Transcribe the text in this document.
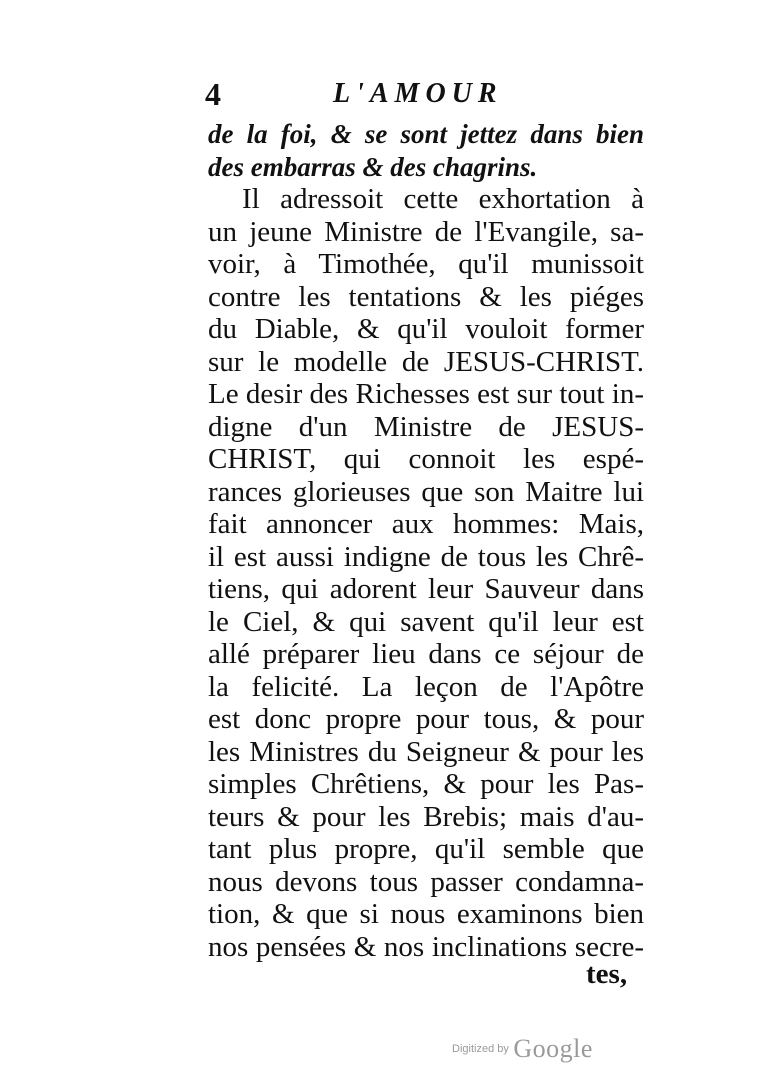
4	L'AMOUR
de la foi, & se sont jettez dans bien
des embarras & des chagrins.
Il adressoit cette exhortation à
un jeune Ministre de l'Evangile, sa-
voir, à Timothée, qu'il munissoit
contre les tentations & les piéges
du Diable, & qu'il vouloit former
sur le modelle de JESUS-CHRIST.
Le desir des Richesses est sur tout in-
digne d'un Ministre de JESUS-
CHRIST, qui connoit les espé-
rances glorieuses que son Maitre lui
fait annoncer aux hommes: Mais,
il est aussi indigne de tous les Chrê-
tiens, qui adorent leur Sauveur dans
le Ciel, & qui savent qu'il leur est
allé préparer lieu dans ce séjour de
la felicité. La leçon de l'Apôtre
est donc propre pour tous, & pour
les Ministres du Seigneur & pour les
simples Chrêtiens, & pour les Pas-
teurs & pour les Brebis; mais d'au-
tant plus propre, qu'il semble que
nous devons tous passer condamna-
tion, & que si nous examinons bien
nos pensées & nos inclinations secre-
tes,
Digitized by Google
